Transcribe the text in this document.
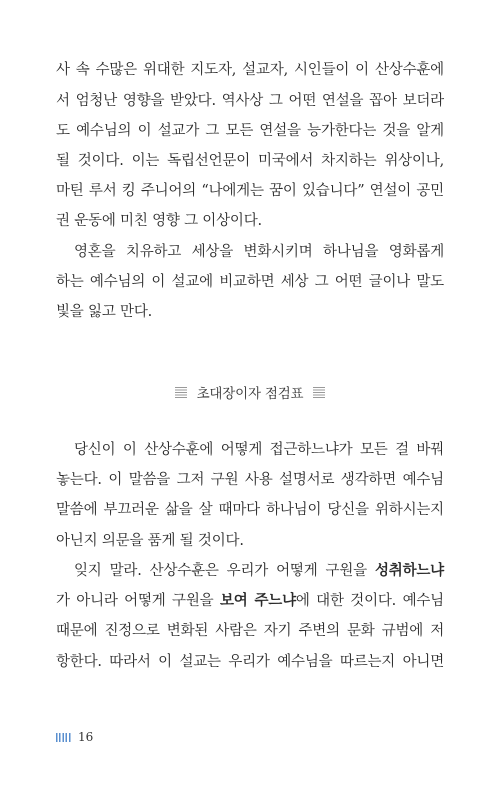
사 속 수많은 위대한 지도자, 설교자, 시인들이 이 산상수훈에
서 엄청난 영향을 받았다. 역사상 그 어떤 연설을 꼽아 보더라
도 예수님의 이 설교가 그 모든 연설을 능가한다는 것을 알게
될 것이다. 이는 독립선언문이 미국에서 차지하는 위상이나,
마틴 루서 킹 주니어의 “나에게는 꿈이 있습니다” 연설이 공민
권 운동에 미친 영향 그 이상이다.
영혼을 치유하고 세상을 변화시키며 하나님을 영화롭게
하는 예수님의 이 설교에 비교하면 세상 그 어떤 글이나 말도
빛을 잃고 만다.
초대장이자 점검표
당신이 이 산상수훈에 어떻게 접근하느냐가 모든 걸 바꿔
놓는다. 이 말씀을 그저 구원 사용 설명서로 생각하면 예수님
말씀에 부끄러운 삶을 살 때마다 하나님이 당신을 위하시는지
아닌지 의문을 품게 될 것이다.
잊지 말라. 산상수훈은 우리가 어떻게 구원을 성취하느냐
가 아니라 어떻게 구원을 보여 주느냐에 대한 것이다. 예수님
때문에 진정으로 변화된 사람은 자기 주변의 문화 규범에 저
항한다. 따라서 이 설교는 우리가 예수님을 따르는지 아니면
16
